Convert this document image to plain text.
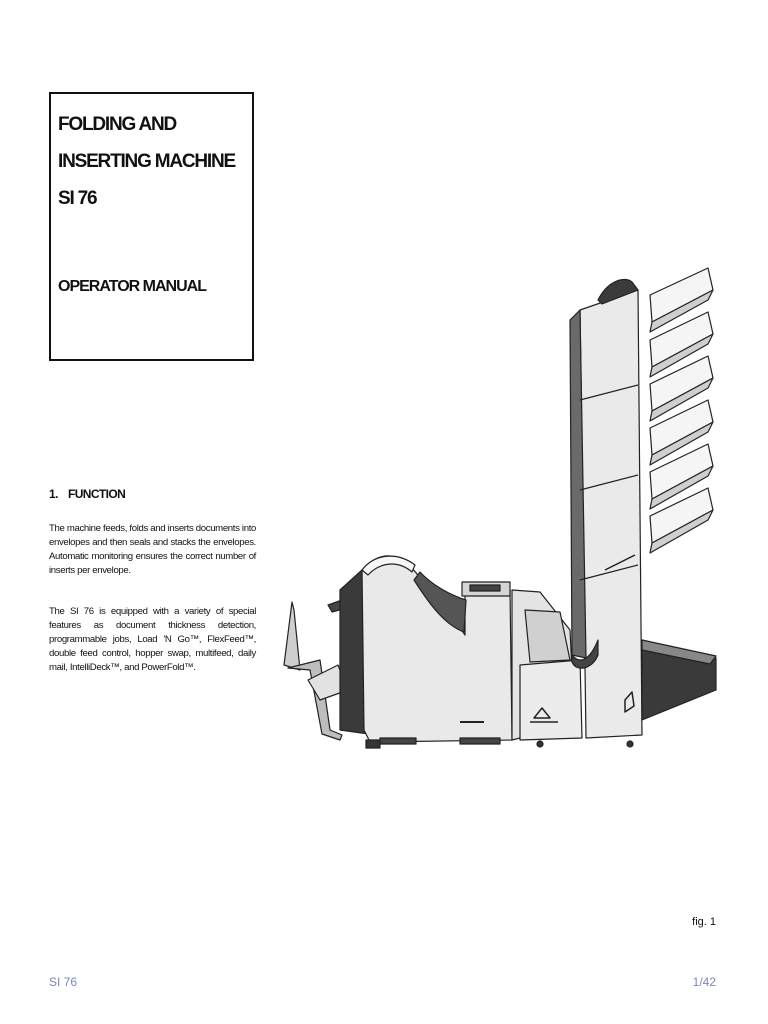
FOLDING AND
INSERTING MACHINE
SI 76
OPERATOR MANUAL
1. FUNCTION

The machine feeds, folds and inserts documents into envelopes and then seals and stacks the envelopes. Automatic monitoring ensures the correct number of inserts per envelope.

The SI 76 is equipped with a variety of special features as document thickness detection, programmable jobs, Load 'N Go™, FlexFeed™, double feed control, hopper swap, multifeed, daily mail, IntelliDeck™, and PowerFold™.

fig. 1
SI 76	1/42
